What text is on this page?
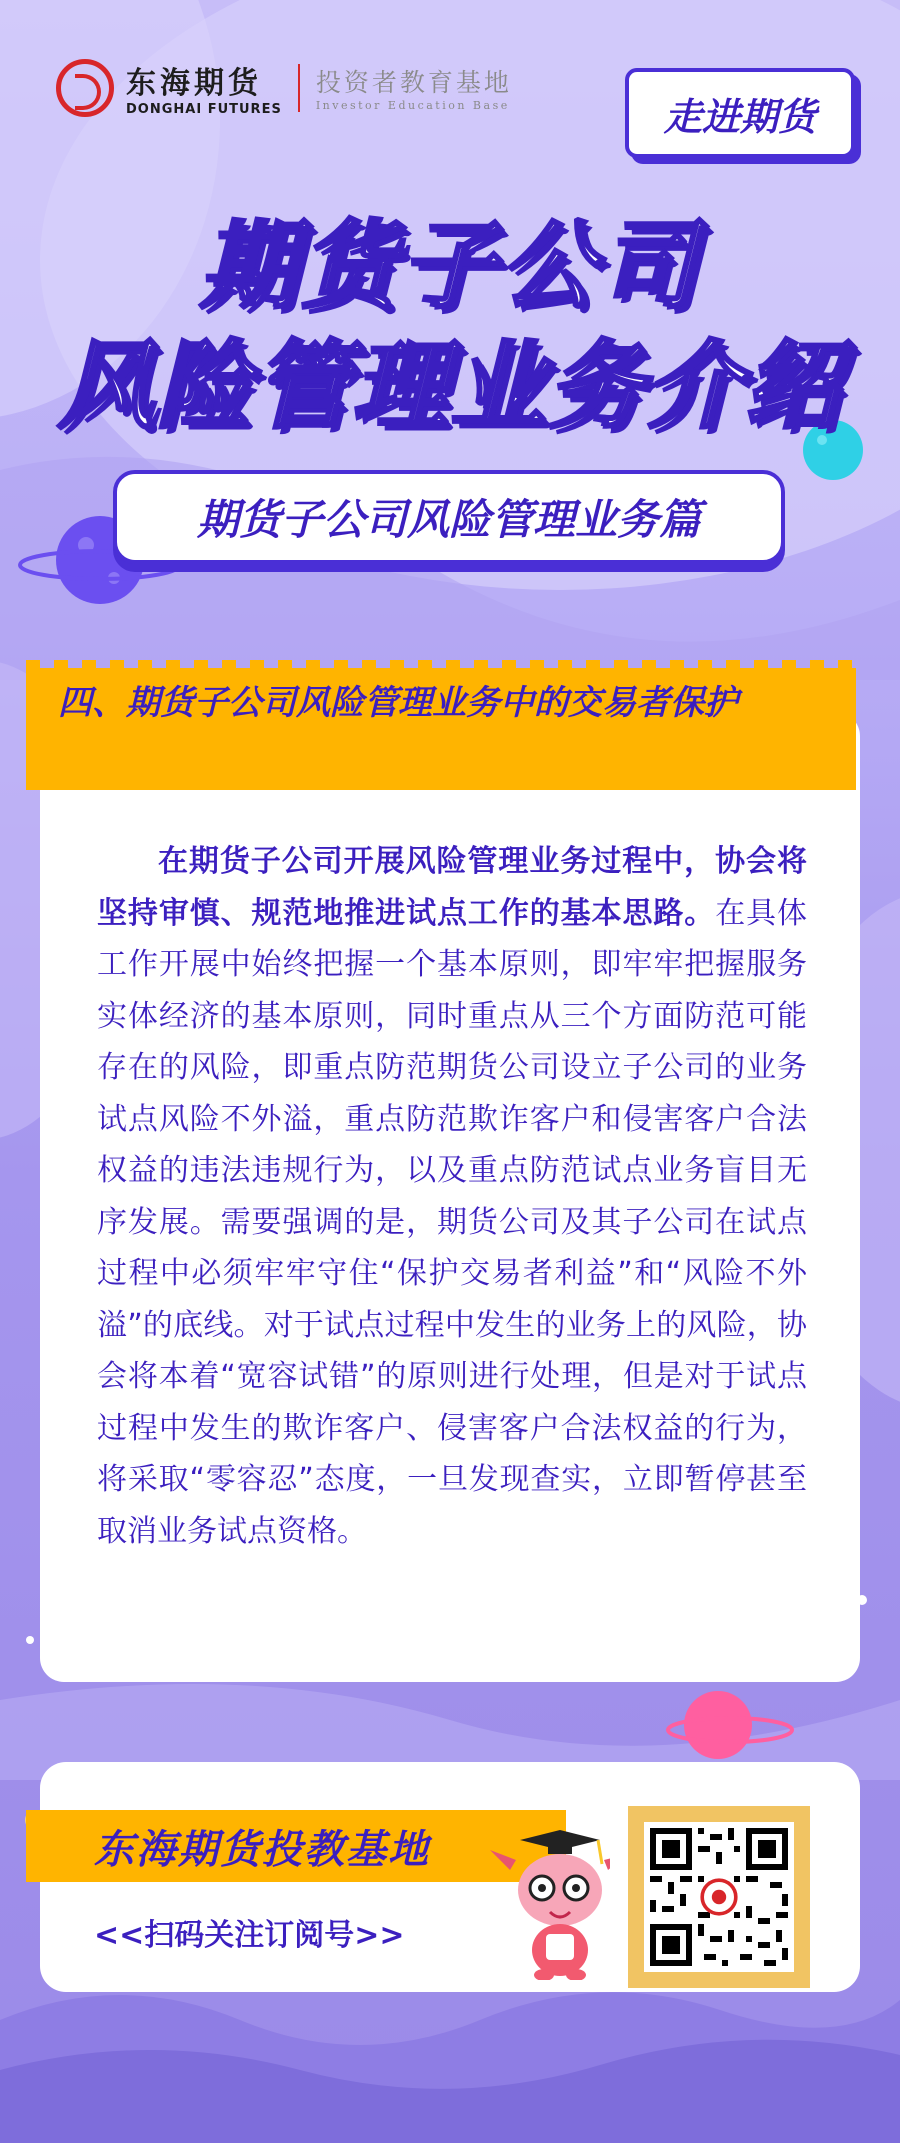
东海期货
DONGHAI FUTURES
投资者教育基地
Investor Education Base	走进期货
期货子公司
风险管理业务介绍
期货子公司风险管理业务篇
四、期货子公司风险管理业务中的交易者保护
在期货子公司开展风险管理业务过程中，协会将坚持审慎、规范地推进试点工作的基本思路。在具体工作开展中始终把握一个基本原则，即牢牢把握服务实体经济的基本原则，同时重点从三个方面防范可能存在的风险，即重点防范期货公司设立子公司的业务试点风险不外溢，重点防范欺诈客户和侵害客户合法权益的违法违规行为，以及重点防范试点业务盲目无序发展。需要强调的是，期货公司及其子公司在试点过程中必须牢牢守住“保护交易者利益”和“风险不外溢”的底线。对于试点过程中发生的业务上的风险，协会将本着“宽容试错”的原则进行处理，但是对于试点过程中发生的欺诈客户、侵害客户合法权益的行为，将采取“零容忍”态度，一旦发现查实，立即暂停甚至取消业务试点资格。
东海期货投教基地
<<扫码关注订阅号>>
